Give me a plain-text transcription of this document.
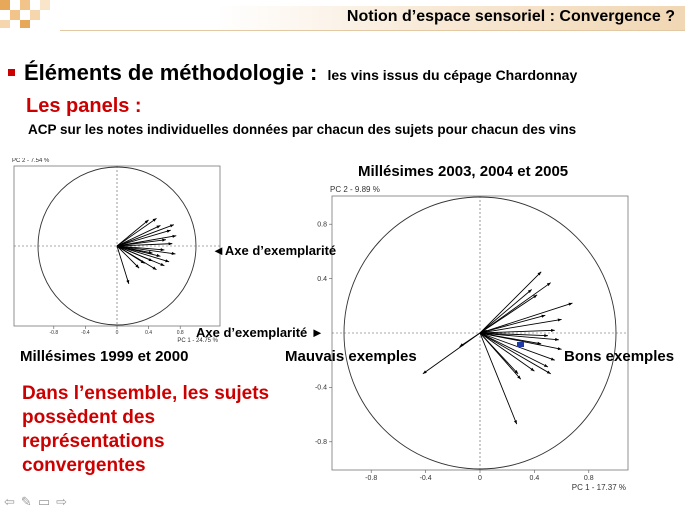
Notion d’espace sensoriel : Convergence ?
Éléments de méthodologie : les vins issus du cépage Chardonnay
Les panels :
ACP sur les notes individuelles données par chacun des sujets pour chacun des vins
Millésimes 2003, 2004 et 2005
-0.8	-0.4	0	0.4	0.8
PC 1 - 24.75 %
PC 2 - 7.54 %
-0.8	-0.4	0	0.4	0.8
0.8
0.4
-0.4
-0.8
PC 1 - 17.37 %
PC 2 - 9.89 %
◄Axe d’exemplarité
Axe d’exemplarité ►
Millésimes 1999 et 2000	Mauvais exemples	Bons exemples
Dans l’ensemble, les sujets possèdent des représentations convergentes
⇦ ✎ ▭ ⇨
